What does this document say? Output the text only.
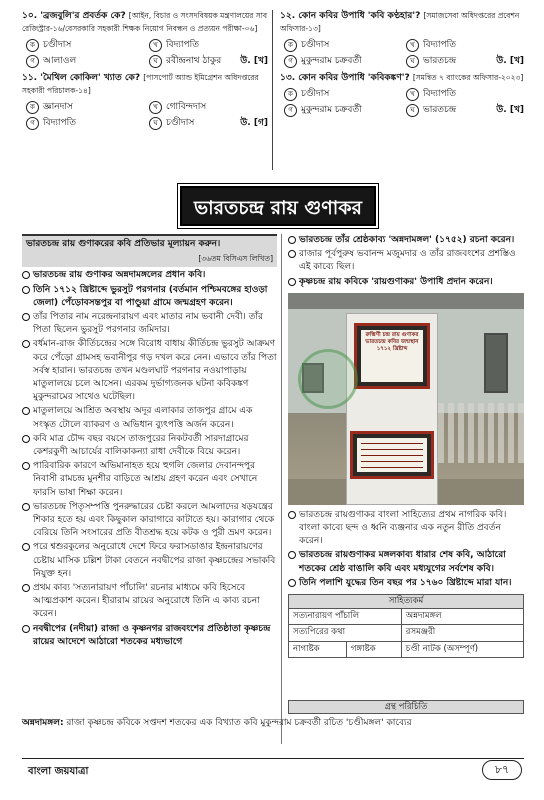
১০. 'ব্রজবুলি'র প্রবর্তক কে? [আইন, বিচার ও সংসদবিষয়ক মন্ত্রণালয়ের সাব রেজিস্ট্রার-১৬/বেসরকারি সহকারী শিক্ষক নিয়োগ নিবন্ধন ও প্রত্যয়ন পরীক্ষা-০৬]
ক চণ্ডীদাস	খ বিদ্যাপতি
গ আলাওল	ঘ রবীন্দ্রনাথ ঠাকুর উ. [খ]
১১. 'মৈথিল কোকিল' খ্যাত কে? [পাসপোর্ট অ্যান্ড ইমিগ্রেশন অধিদপ্তরের সহকারী পরিচালক-১৪]
ক জ্ঞানদাস	খ গোবিন্দদাস
গ বিদ্যাপতি	ঘ চণ্ডীদাস	উ. [গ]
১২. কোন কবির উপাধি 'কবি কণ্ঠহার'? [সমাজসেবা অধিদপ্তরের প্রবেশন অফিসার-১৩]
ক চণ্ডীদাস	খ বিদ্যাপতি
গ মুকুন্দরাম চক্রবর্তী	ঘ ভারতচন্দ্র	উ. [খ]
১৩. কোন কবির উপাধি 'কবিকঙ্কণ'? [সমন্বিত ৭ ব্যাংকের অফিসার-২০২৩]
ক চণ্ডীদাস	খ বিদ্যাপতি
গ মুকুন্দরাম চক্রবর্তী	ঘ ভারতচন্দ্র	উ. [খ]
ভারতচন্দ্র রায় গুণাকর
ভারতচন্দ্র রায় গুণাকরের কবি প্রতিভার মূল্যায়ন করুন।
[৩৬তম বিসিএস লিখিত]
ভারতচন্দ্র রায় গুণাকর অন্নদামঙ্গলের প্রধান কবি।
তিনি ১৭১২ খ্রিষ্টাব্দে ভুরসুট পরগনার (বর্তমান পশ্চিমবঙ্গের হাওড়া জেলা) পেঁড়োবসন্তপুর বা পাণ্ডুয়া গ্রামে জন্মগ্রহণ করেন।
তাঁর পিতার নাম নরেন্দ্রনারায়ণ এবং মাতার নাম ভবানী দেবী। তাঁর পিতা ছিলেন ভুরসুট পরগনার জমিদার।
বর্ধমান-রাজ কীর্তিচন্দ্রের সঙ্গে বিরোধ বাধায় কীর্তিচন্দ্র ভুরসুট আক্রমণ করে পেঁড়ো গ্রামসহ ভবানীপুর গড় দখল করে নেন। এভাবে তাঁর পিতা সর্বস্ব হারান। ভারতচন্দ্র তখন মণ্ডলঘাট পরগনার নওয়াপাড়ায় মাতুলালয়ে চলে আসেন। এরকম দুর্ভাগ্যজনক ঘটনা কবিকঙ্কণ মুকুন্দরামের সাথেও ঘটেছিল।
মাতুলালয়ে আশ্রিত অবস্থায় অদূর এলাকার তাজপুর গ্রামে এক সংস্কৃত টোলে ব্যাকরণ ও অভিধান ব্যুৎপত্তি অর্জন করেন।
কবি মাত্র চৌদ্দ বছর বয়সে তাজপুরের নিকটবর্তী সারদাগ্রামের কেশরকুণী আচার্যের বালিকাকন্যা রাধা দেবীকে বিয়ে করেন।
পারিবারিক কারণে অভিমানাহত হয়ে হুগলি জেলার দেবানন্দপুর নিবাসী রামচন্দ্র মুনশীর বাড়িতে আশ্রয় গ্রহণ করেন এবং সেখানে ফারসি ভাষা শিক্ষা করেন।
ভারতচন্দ্র পিতৃসম্পত্তি পুনরুদ্ধারের চেষ্টা করলে আমলাদের ষড়যন্ত্রের শিকার হতে হয় এবং কিছুকাল কারাগারে কাটাতে হয়। কারাগার থেকে বেরিয়ে তিনি সংসারের প্রতি বীতশ্রদ্ধ হয়ে কটক ও পুরী ভ্রমণ করেন।
পরে শ্বশুরকুলের অনুরোধে দেশে ফিরে ফরাসডাঙার ইন্দ্রনারায়ণের চেষ্টায় মাসিক চল্লিশ টাকা বেতনে নবদ্বীপের রাজা কৃষ্ণচন্দ্রের সভাকবি নিযুক্ত হন।
প্রথম কাব্য 'সত্যনারায়ণ পাঁচালি' রচনার মাধ্যমে কবি হিসেবে আত্মপ্রকাশ করেন। হীরারাম রায়ের অনুরোধে তিনি এ কাব্য রচনা করেন।
নবদ্বীপের (নদীয়া) রাজা ও কৃষ্ণনগর রাজবংশের প্রতিষ্ঠাতা কৃষ্ণচন্দ্র রায়ের আদেশে আঠারো শতকের মধ্যভাগে
ভারতচন্দ্র তাঁর শ্রেষ্ঠকাব্য 'অন্নদামঙ্গল' (১৭৫২) রচনা করেন।
রাজার পূর্বপুরুষ ভবানন্দ মজুমদার ও তাঁর রাজবংশের প্রশস্তিও এই কাব্যে ছিল।
কৃষ্ণচন্দ্র রায় কবিকে 'রায়গুণাকর' উপাধি প্রদান করেন।
রুক্মিণী চন্দ্র রায় গুণাকর ভারতচন্দ্র কবির জন্মস্থান ১৭১২ খ্রিষ্টাব্দ
ভারতচন্দ্র রায়গুণাকর বাংলা সাহিত্যের প্রথম নাগরিক কবি। বাংলা কাব্যে ছন্দ ও ধ্বনি ব্যঞ্জনার এক নতুন রীতি প্রবর্তন করেন।
ভারতচন্দ্র রায়গুণাকর মঙ্গলকাব্য ধারার শেষ কবি, আঠারো শতকের শ্রেষ্ঠ বাঙালি কবি এবং মধ্যযুগের সর্বশেষ কবি।
তিনি পলাশি যুদ্ধের তিন বছর পর ১৭৬০ খ্রিষ্টাব্দে মারা যান।
সাহিত্যকর্ম		
সত্যনারায়ণ পাঁচালি		অন্নদামঙ্গল
সত্যপিরের কথা		রসমঞ্জরী
নাগাষ্টক	গঙ্গাষ্টক	চণ্ডী নাটক (অসম্পূর্ণ)
গ্রন্থ পরিচিতি
অন্নদামঙ্গল: রাজা কৃষ্ণচন্দ্র কবিকে সপ্তদশ শতকের এক বিখ্যাত কবি মুকুন্দরাম চক্রবর্তী রচিত 'চণ্ডীমঙ্গল' কাব্যের
বাংলা জয়যাত্রা	৮৭
